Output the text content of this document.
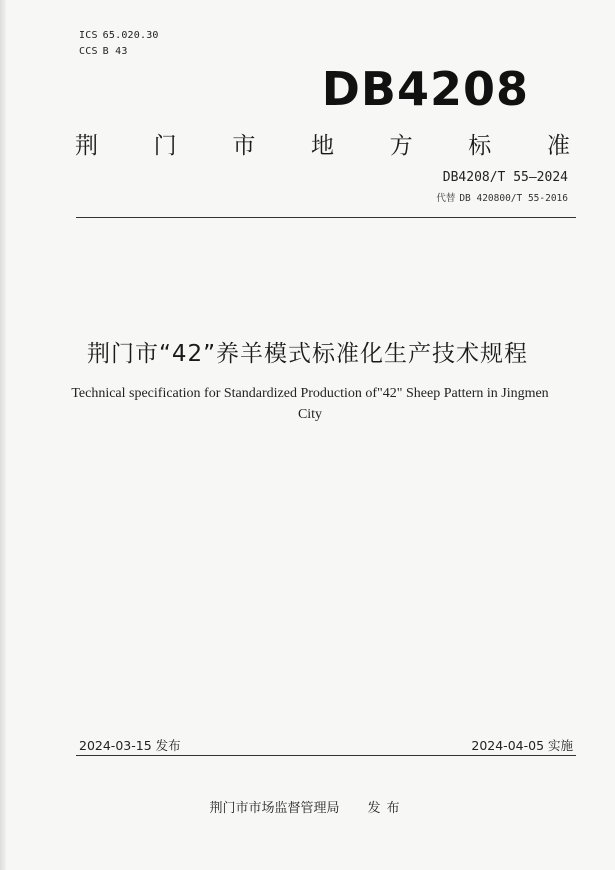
ICS 65.020.30
CCS B 43
DB4208
荆 门 市 地 方 标 准
DB4208/T 55—2024
代替 DB 420800/T 55-2016
荆门市“42”养羊模式标准化生产技术规程
Technical specification for Standardized Production of"42" Sheep Pattern in Jingmen
City
2024-03-15 发布	2024-04-05 实施
荆门市市场监督管理局 发布
